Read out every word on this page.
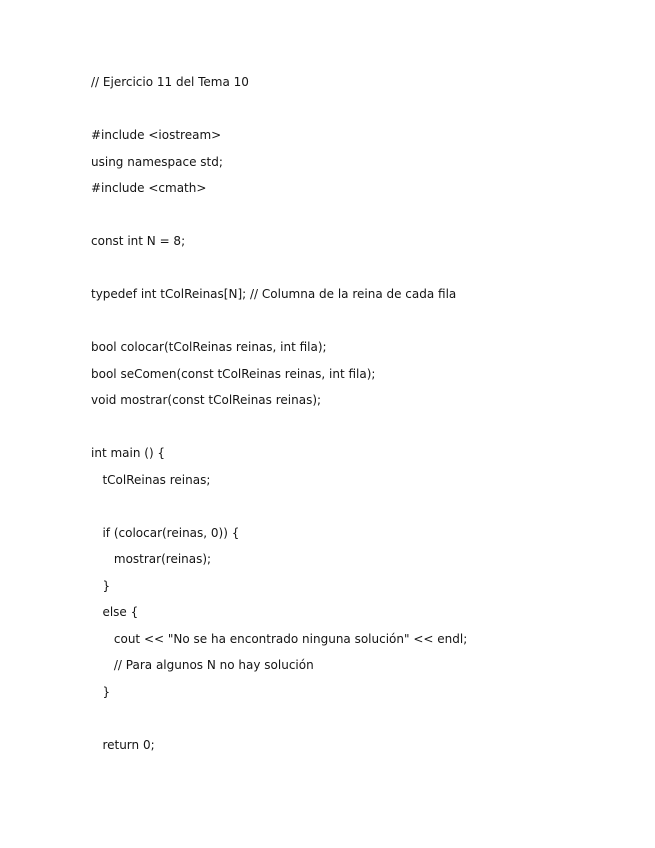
// Ejercicio 11 del Tema 10
#include <iostream>
using namespace std;
#include <cmath>
const int N = 8;
typedef int tColReinas[N]; // Columna de la reina de cada fila
bool colocar(tColReinas reinas, int fila);
bool seComen(const tColReinas reinas, int fila);
void mostrar(const tColReinas reinas);
int main () {
tColReinas reinas;
if (colocar(reinas, 0)) {
mostrar(reinas);
}
else {
cout << "No se ha encontrado ninguna solución" << endl;
// Para algunos N no hay solución
}
return 0;
